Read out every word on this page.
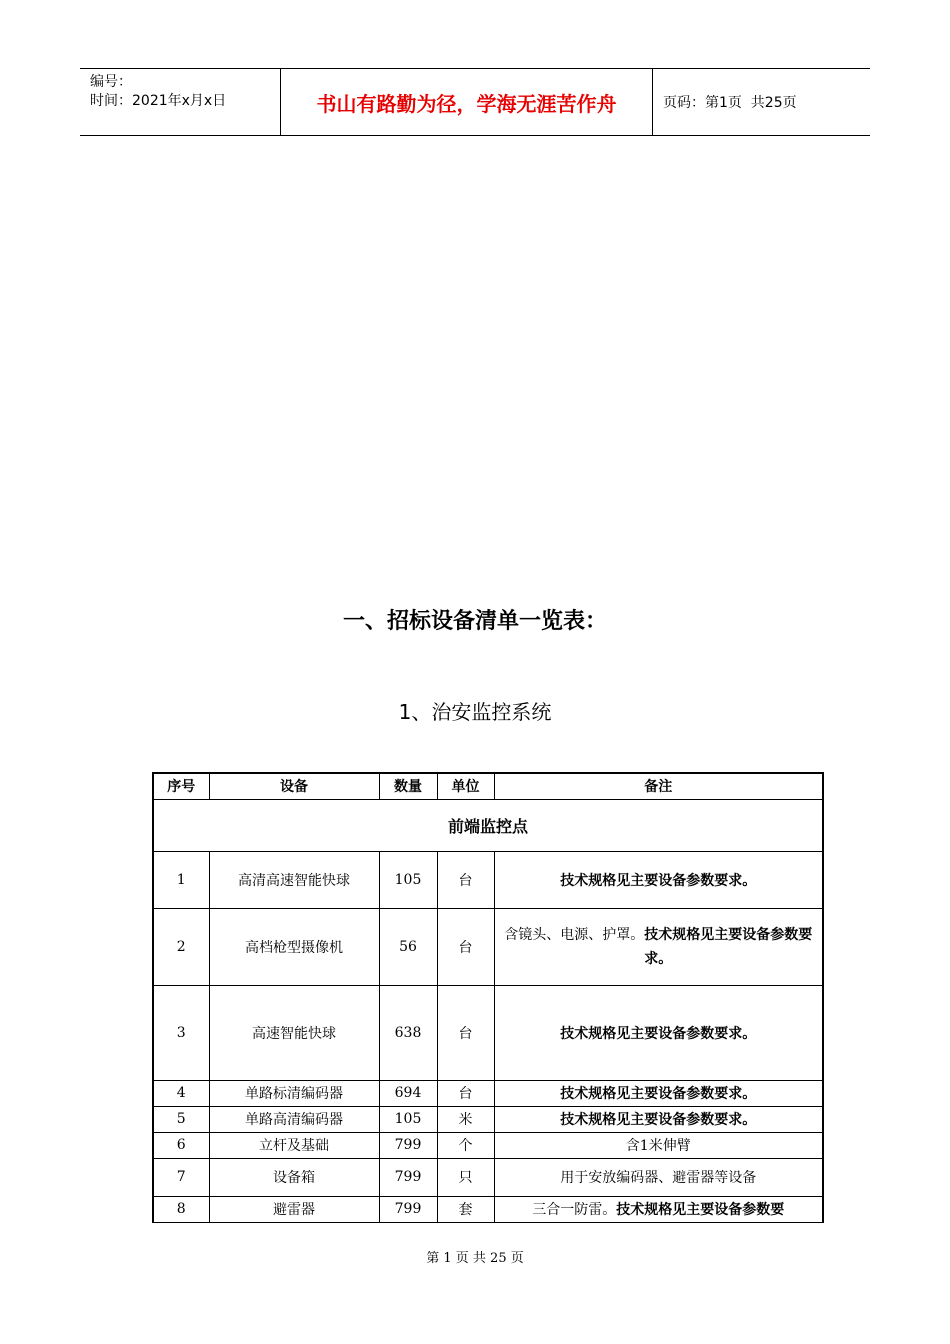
编号：
时间：2021年x月x日	书山有路勤为径，学海无涯苦作舟	页码：第1页  共25页
一、招标设备清单一览表：
1、治安监控系统
序号	设备	数量	单位	备注
前端监控点				
1	高清高速智能快球	105	台	技术规格见主要设备参数要求。
2	高档枪型摄像机	56	台	含镜头、电源、护罩。技术规格见主要设备参数要求。
3	高速智能快球	638	台	技术规格见主要设备参数要求。
4	单路标清编码器	694	台	技术规格见主要设备参数要求。
5	单路高清编码器	105	米	技术规格见主要设备参数要求。
6	立杆及基础	799	个	含1米伸臂
7	设备箱	799	只	用于安放编码器、避雷器等设备
8	避雷器	799	套	三合一防雷。技术规格见主要设备参数要
第 1 页 共 25 页
